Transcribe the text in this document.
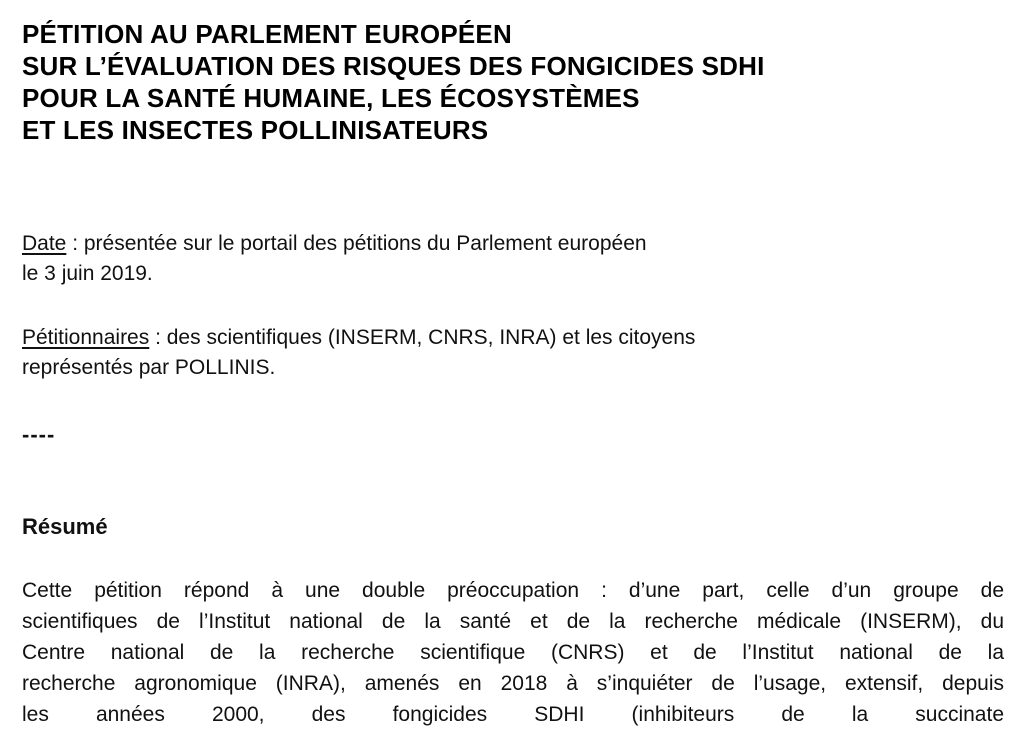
PÉTITION AU PARLEMENT EUROPÉEN
SUR L’ÉVALUATION DES RISQUES DES FONGICIDES SDHI
POUR LA SANTÉ HUMAINE, LES ÉCOSYSTÈMES
ET LES INSECTES POLLINISATEURS
Date : présentée sur le portail des pétitions du Parlement européen
le 3 juin 2019.
Pétitionnaires : des scientifiques (INSERM, CNRS, INRA) et les citoyens
représentés par POLLINIS.
----
Résumé
Cette pétition répond à une double préoccupation : d’une part, celle d’un groupe de
scientifiques de l’Institut national de la santé et de la recherche médicale (INSERM), du
Centre national de la recherche scientifique (CNRS) et de l’Institut national de la
recherche agronomique (INRA), amenés en 2018 à s’inquiéter de l’usage, extensif, depuis
les années 2000, des fongicides SDHI (inhibiteurs de la succinate
